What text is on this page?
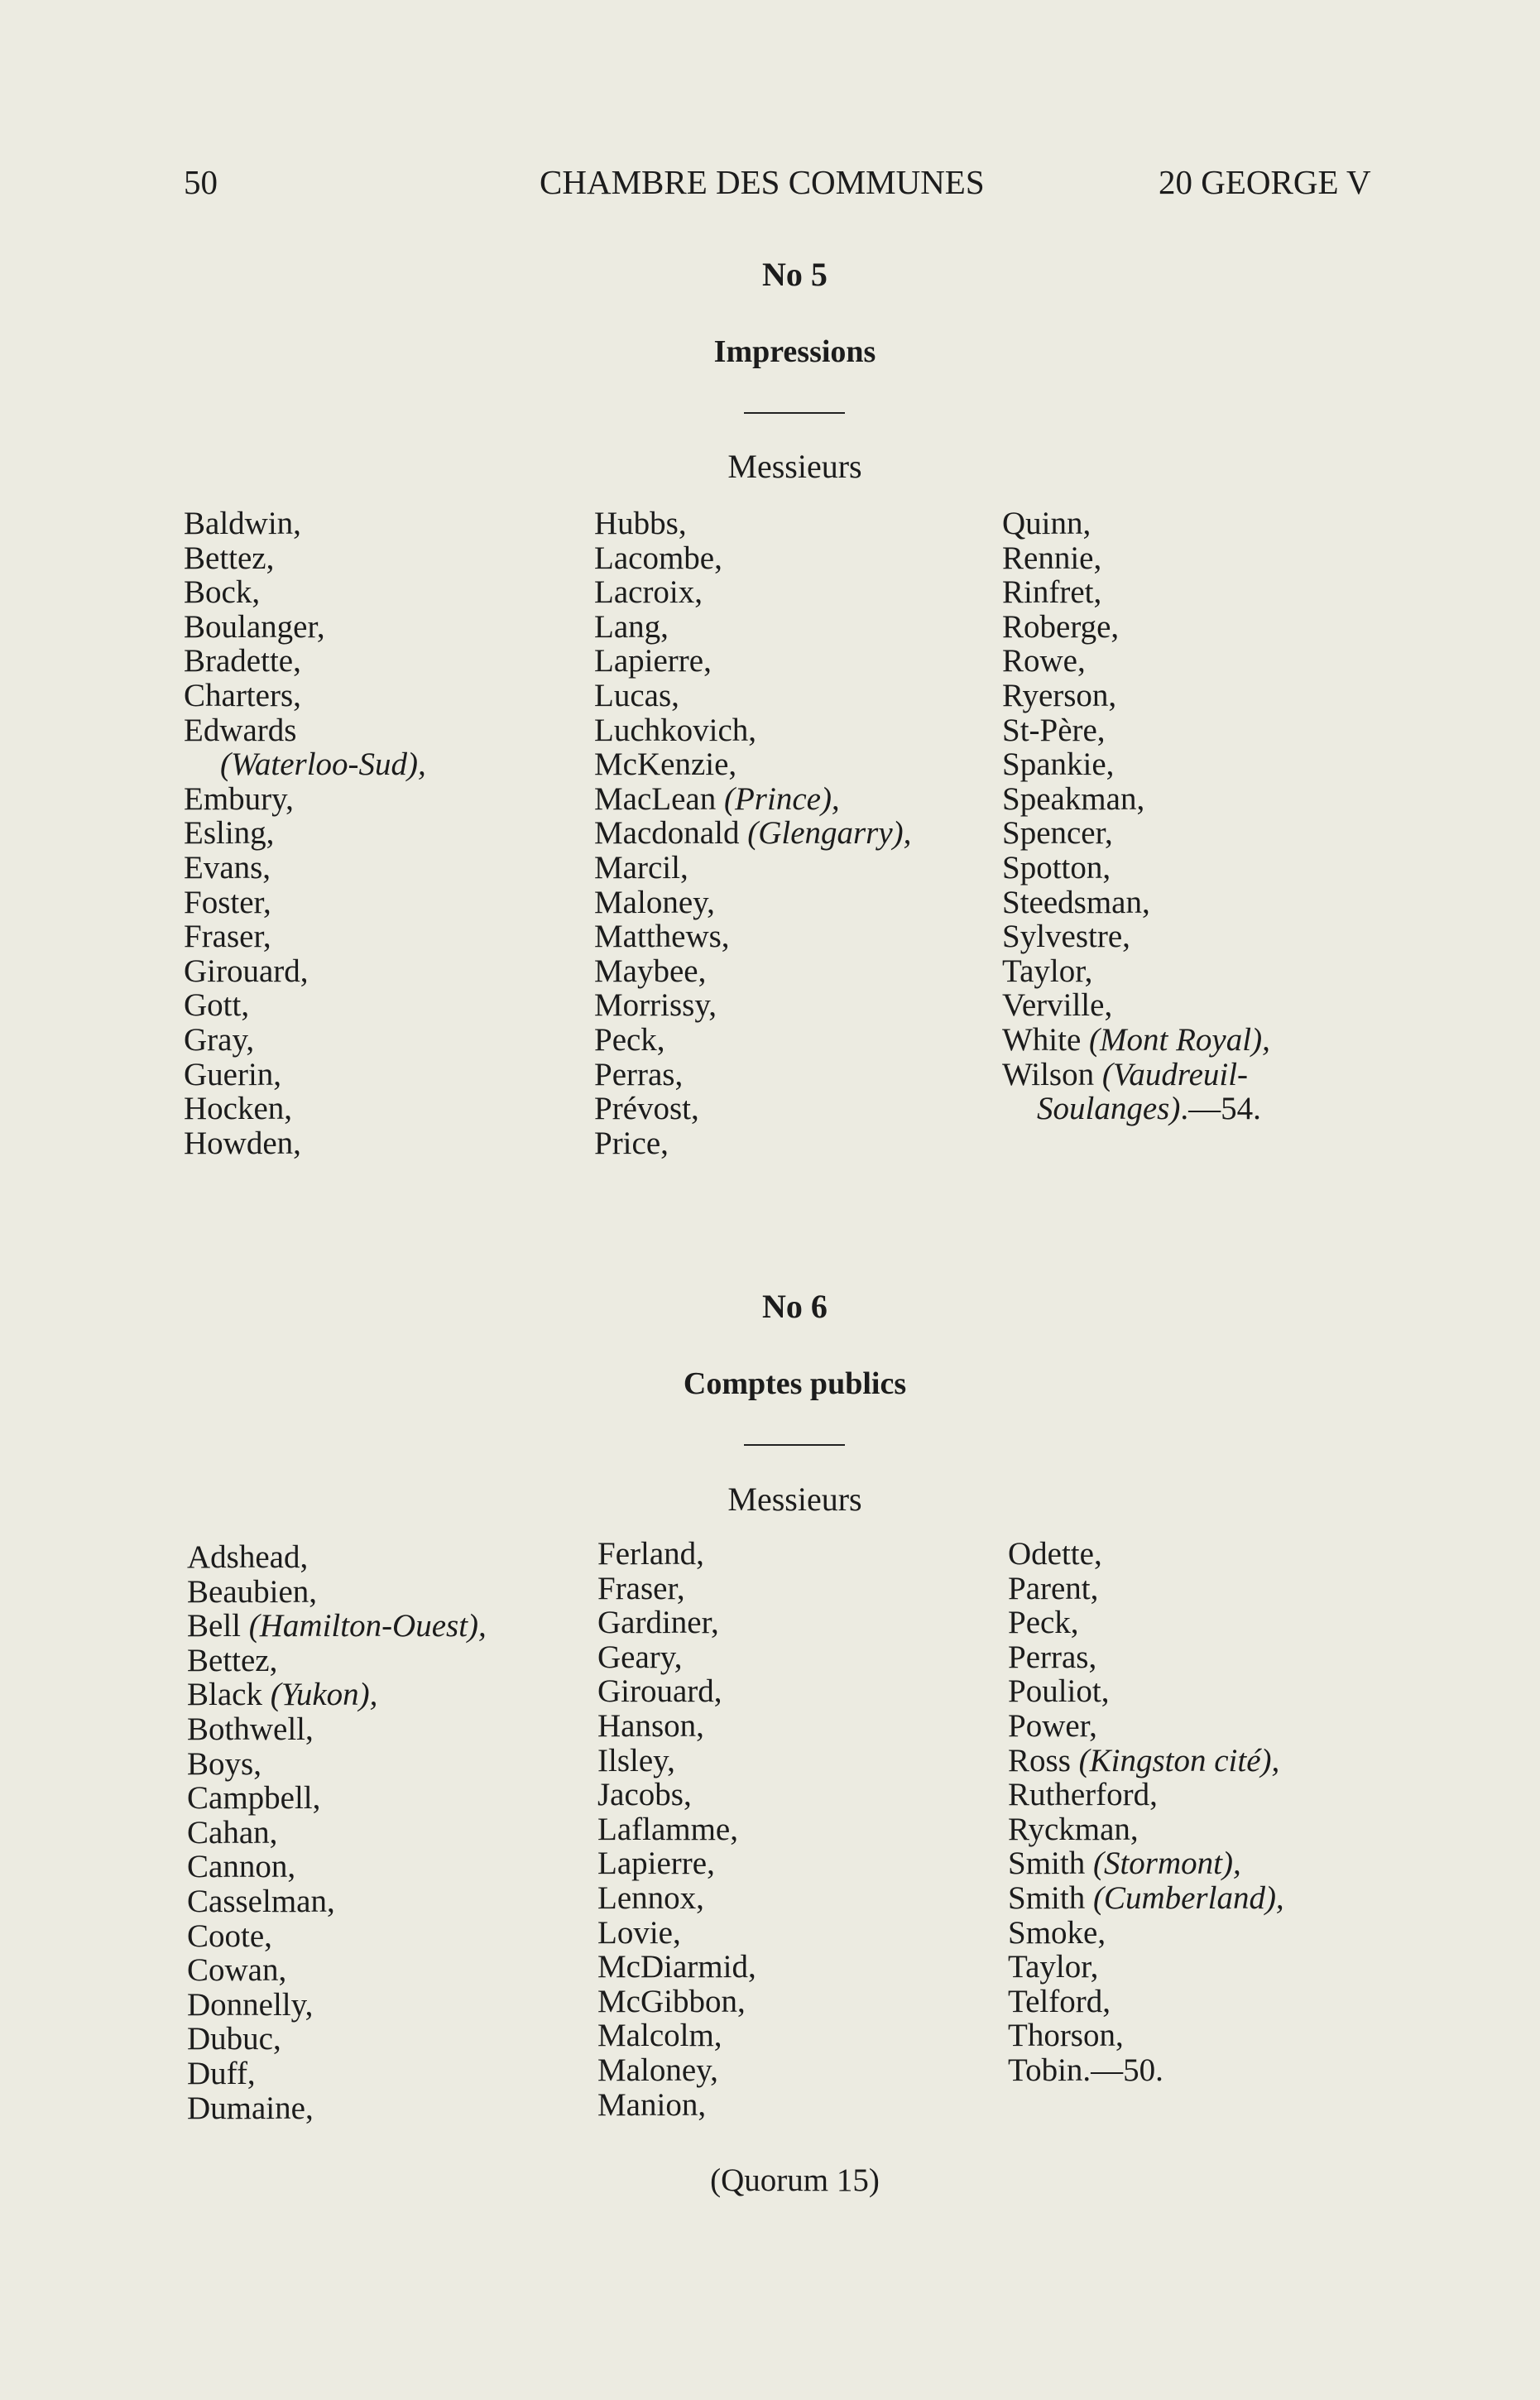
50	CHAMBRE DES COMMUNES	20 GEORGE V
No 5
Impressions
Messieurs
Baldwin,
Bettez,
Bock,
Boulanger,
Bradette,
Charters,
Edwards
(Waterloo-Sud),
Embury,
Esling,
Evans,
Foster,
Fraser,
Girouard,
Gott,
Gray,
Guerin,
Hocken,
Howden,
Hubbs,
Lacombe,
Lacroix,
Lang,
Lapierre,
Lucas,
Luchkovich,
McKenzie,
MacLean (Prince),
Macdonald (Glengarry),
Marcil,
Maloney,
Matthews,
Maybee,
Morrissy,
Peck,
Perras,
Prévost,
Price,
Quinn,
Rennie,
Rinfret,
Roberge,
Rowe,
Ryerson,
St-Père,
Spankie,
Speakman,
Spencer,
Spotton,
Steedsman,
Sylvestre,
Taylor,
Verville,
White (Mont Royal),
Wilson (Vaudreuil-
Soulanges).—54.
No 6
Comptes publics
Messieurs
Adshead,
Beaubien,
Bell (Hamilton-Ouest),
Bettez,
Black (Yukon),
Bothwell,
Boys,
Campbell,
Cahan,
Cannon,
Casselman,
Coote,
Cowan,
Donnelly,
Dubuc,
Duff,
Dumaine,
Ferland,
Fraser,
Gardiner,
Geary,
Girouard,
Hanson,
Ilsley,
Jacobs,
Laflamme,
Lapierre,
Lennox,
Lovie,
McDiarmid,
McGibbon,
Malcolm,
Maloney,
Manion,
Odette,
Parent,
Peck,
Perras,
Pouliot,
Power,
Ross (Kingston cité),
Rutherford,
Ryckman,
Smith (Stormont),
Smith (Cumberland),
Smoke,
Taylor,
Telford,
Thorson,
Tobin.—50.
(Quorum 15)
